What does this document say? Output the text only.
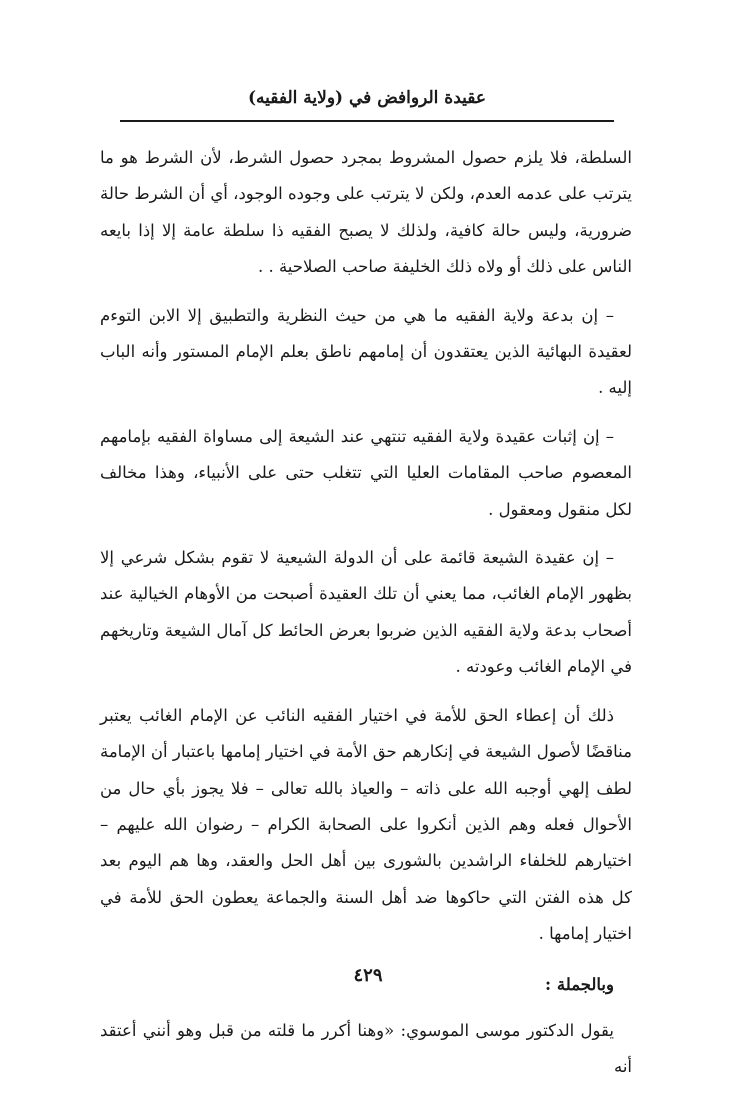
عقيدة الروافض في (ولاية الفقيه)

السلطة، فلا يلزم حصول المشروط بمجرد حصول الشرط، لأن الشرط هو ما يترتب على عدمه العدم، ولكن لا يترتب على وجوده الوجود، أي أن الشرط حالة ضرورية، وليس حالة كافية، ولذلك لا يصبح الفقيه ذا سلطة عامة إلا إذا بايعه الناس على ذلك أو ولاه ذلك الخليفة صاحب الصلاحية . .

– إن بدعة ولاية الفقيه ما هي من حيث النظرية والتطبيق إلا الابن التوءم لعقيدة البهائية الذين يعتقدون أن إمامهم ناطق بعلم الإمام المستور وأنه الباب إليه .

– إن إثبات عقيدة ولاية الفقيه تنتهي عند الشيعة إلى مساواة الفقيه بإمامهم المعصوم صاحب المقامات العليا التي تتغلب حتى على الأنبياء، وهذا مخالف لكل منقول ومعقول .

– إن عقيدة الشيعة قائمة على أن الدولة الشيعية لا تقوم بشكل شرعي إلا بظهور الإمام الغائب، مما يعني أن تلك العقيدة أصبحت من الأوهام الخيالية عند أصحاب بدعة ولاية الفقيه الذين ضربوا بعرض الحائط كل آمال الشيعة وتاريخهم في الإمام الغائب وعودته .

ذلك أن إعطاء الحق للأمة في اختيار الفقيه النائب عن الإمام الغائب يعتبر مناقضًا لأصول الشيعة في إنكارهم حق الأمة في اختيار إمامها باعتبار أن الإمامة لطف إلهي أوجبه الله على ذاته – والعياذ بالله تعالى – فلا يجوز بأي حال من الأحوال فعله وهم الذين أنكروا على الصحابة الكرام – رضوان الله عليهم – اختيارهم للخلفاء الراشدين بالشورى بين أهل الحل والعقد، وها هم اليوم بعد كل هذه الفتن التي حاكوها ضد أهل السنة والجماعة يعطون الحق للأمة في اختيار إمامها .

وبالجملة :

يقول الدكتور موسى الموسوي: «وهنا أكرر ما قلته من قبل وهو أنني أعتقد أنه

٤٢٩
